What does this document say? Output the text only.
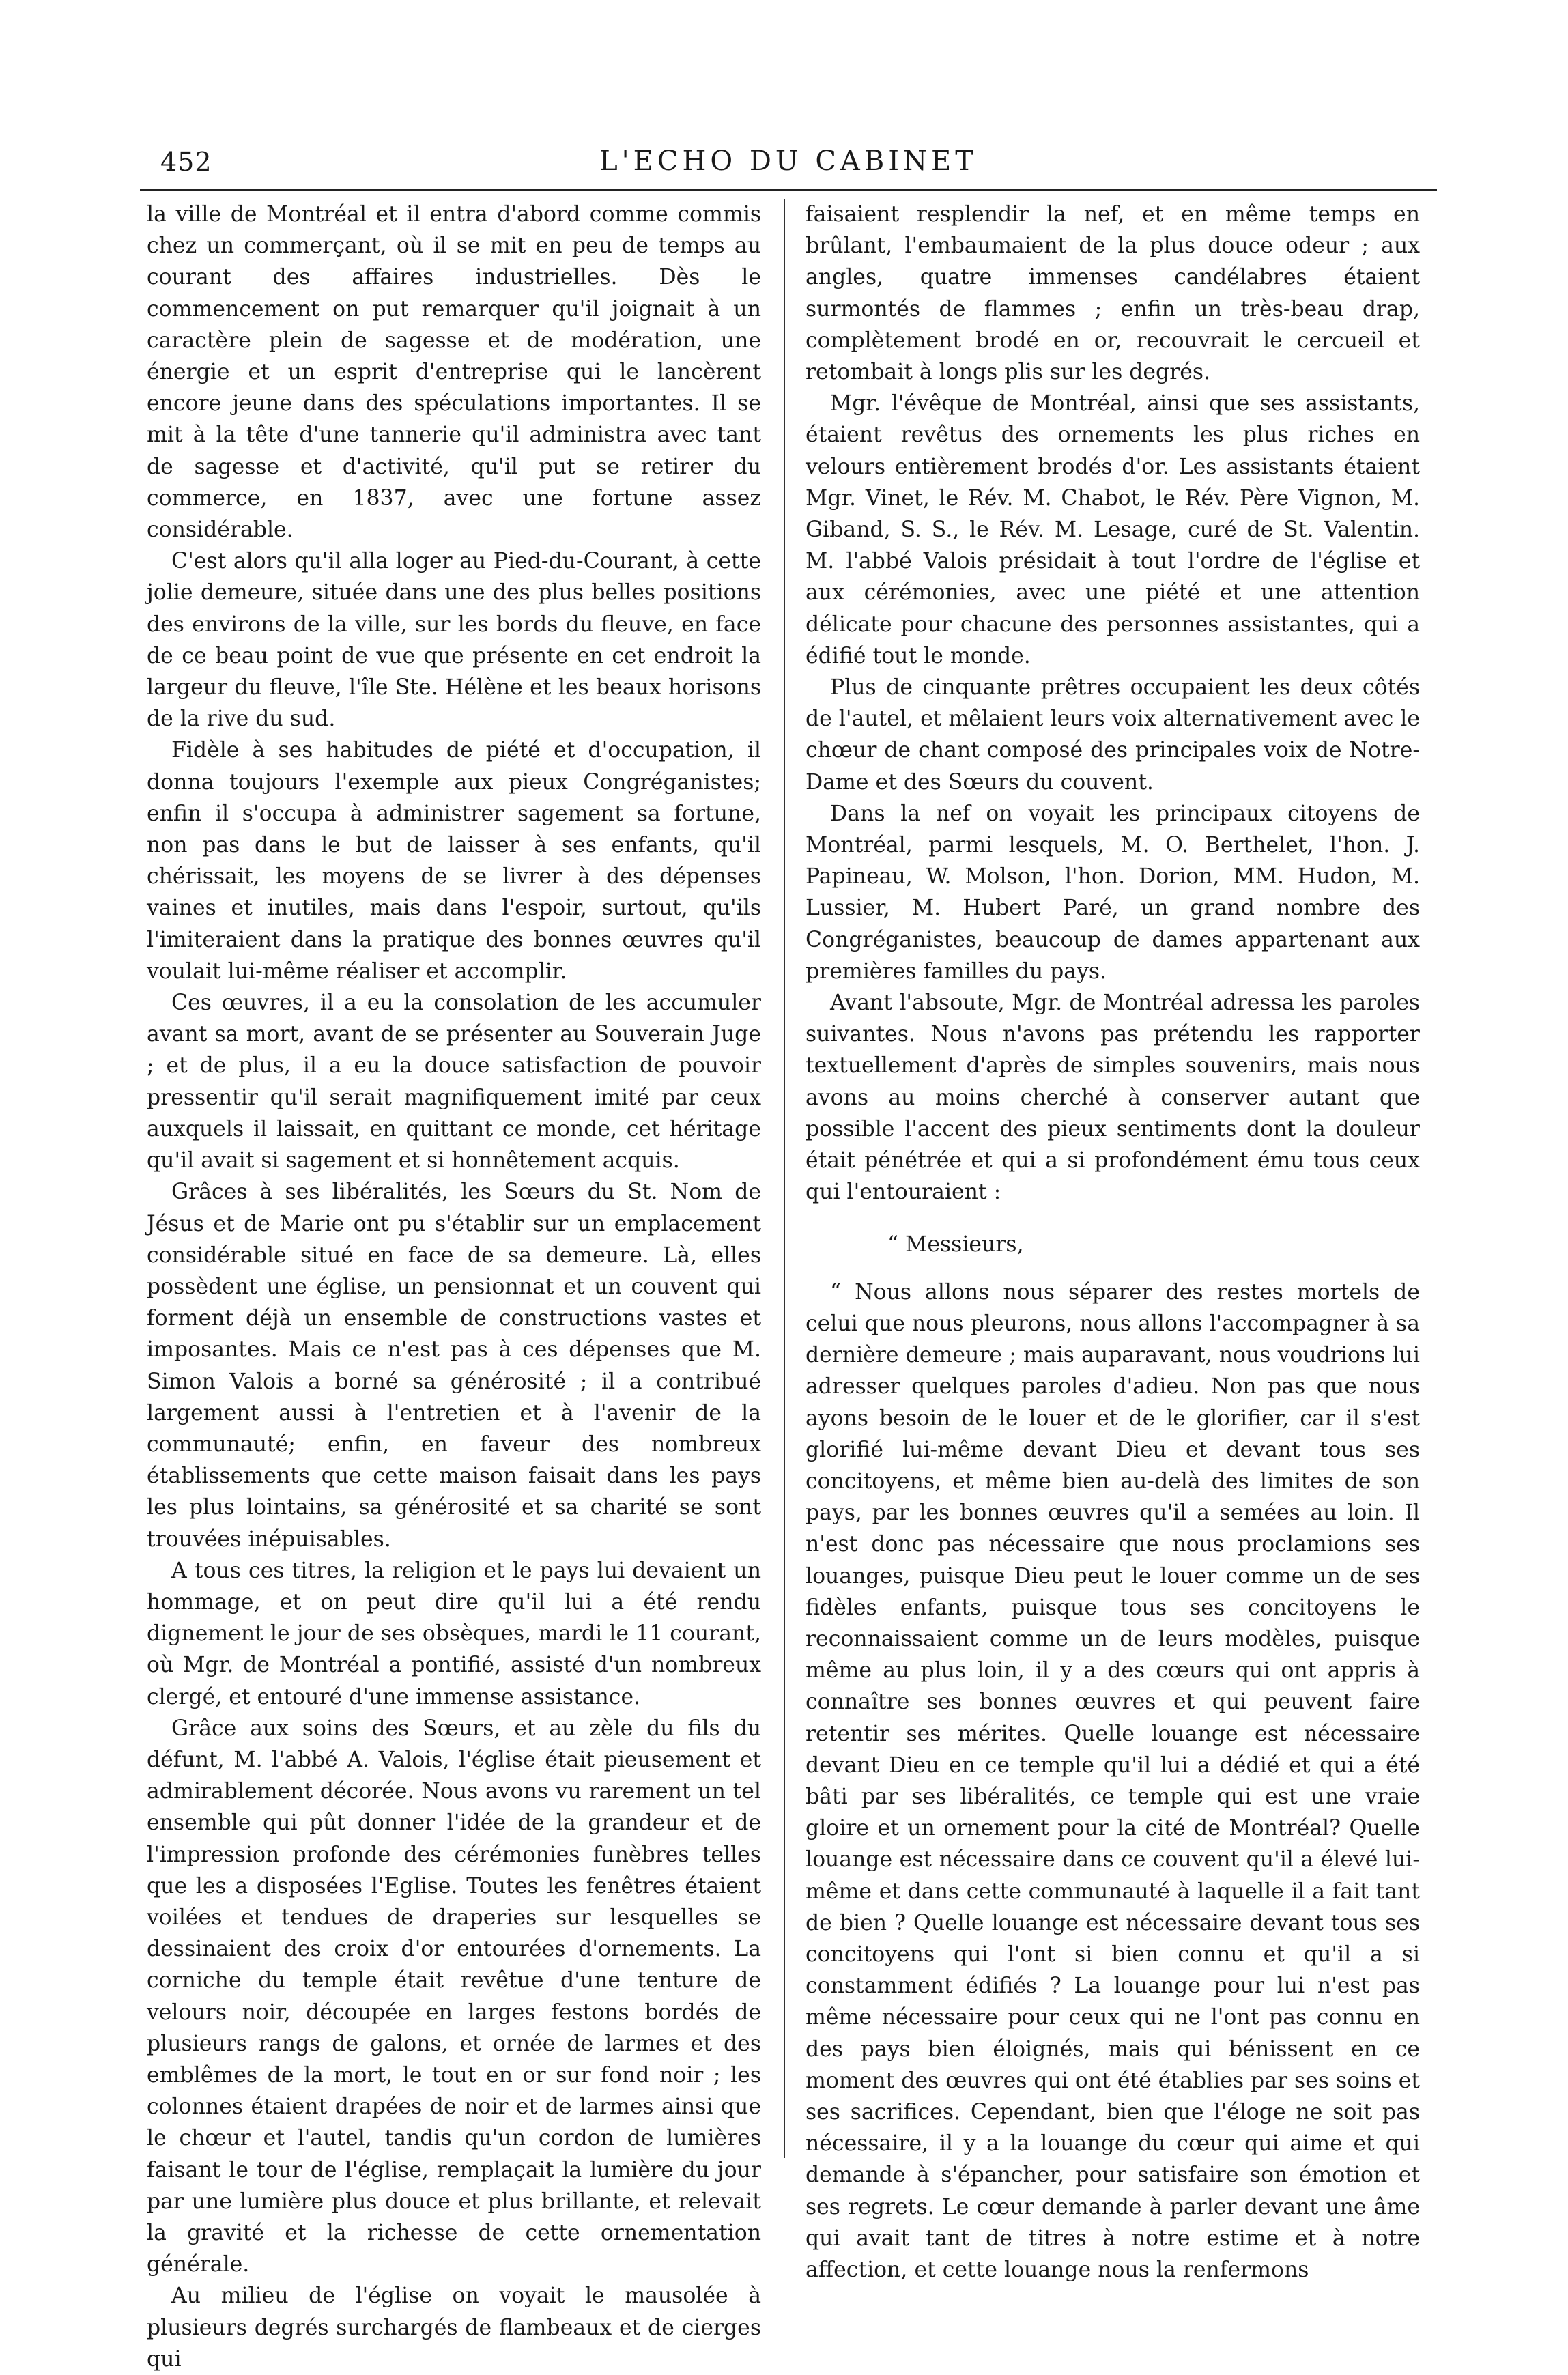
452	L'ECHO DU CABINET

la ville de Montréal et il entra d'abord comme commis chez un commerçant, où il se mit en peu de temps au courant des affaires industrielles. Dès le commencement on put remarquer qu'il joignait à un caractère plein de sagesse et de modération, une énergie et un esprit d'entreprise qui le lancèrent encore jeune dans des spéculations importantes. Il se mit à la tête d'une tannerie qu'il administra avec tant de sagesse et d'activité, qu'il put se retirer du commerce, en 1837, avec une fortune assez considérable.

C'est alors qu'il alla loger au Pied-du-Courant, à cette jolie demeure, située dans une des plus belles positions des environs de la ville, sur les bords du fleuve, en face de ce beau point de vue que présente en cet endroit la largeur du fleuve, l'île Ste. Hélène et les beaux horisons de la rive du sud.

Fidèle à ses habitudes de piété et d'occupation, il donna toujours l'exemple aux pieux Congréganistes; enfin il s'occupa à administrer sagement sa fortune, non pas dans le but de laisser à ses enfants, qu'il chérissait, les moyens de se livrer à des dépenses vaines et inutiles, mais dans l'espoir, surtout, qu'ils l'imiteraient dans la pratique des bonnes œuvres qu'il voulait lui-même réaliser et accomplir.

Ces œuvres, il a eu la consolation de les accumuler avant sa mort, avant de se présenter au Souverain Juge ; et de plus, il a eu la douce satisfaction de pouvoir pressentir qu'il serait magnifiquement imité par ceux auxquels il laissait, en quittant ce monde, cet héritage qu'il avait si sagement et si honnêtement acquis.

Grâces à ses libéralités, les Sœurs du St. Nom de Jésus et de Marie ont pu s'établir sur un emplacement considérable situé en face de sa demeure. Là, elles possèdent une église, un pensionnat et un couvent qui forment déjà un ensemble de constructions vastes et imposantes. Mais ce n'est pas à ces dépenses que M. Simon Valois a borné sa générosité ; il a contribué largement aussi à l'entretien et à l'avenir de la communauté; enfin, en faveur des nombreux établissements que cette maison faisait dans les pays les plus lointains, sa générosité et sa charité se sont trouvées inépuisables.

A tous ces titres, la religion et le pays lui devaient un hommage, et on peut dire qu'il lui a été rendu dignement le jour de ses obsèques, mardi le 11 courant, où Mgr. de Montréal a pontifié, assisté d'un nombreux clergé, et entouré d'une immense assistance.

Grâce aux soins des Sœurs, et au zèle du fils du défunt, M. l'abbé A. Valois, l'église était pieusement et admirablement décorée. Nous avons vu rarement un tel ensemble qui pût donner l'idée de la grandeur et de l'impression profonde des cérémonies funèbres telles que les a disposées l'Eglise. Toutes les fenêtres étaient voilées et tendues de draperies sur lesquelles se dessinaient des croix d'or entourées d'ornements. La corniche du temple était revêtue d'une tenture de velours noir, découpée en larges festons bordés de plusieurs rangs de galons, et ornée de larmes et des emblêmes de la mort, le tout en or sur fond noir ; les colonnes étaient drapées de noir et de larmes ainsi que le chœur et l'autel, tandis qu'un cordon de lumières faisant le tour de l'église, remplaçait la lumière du jour par une lumière plus douce et plus brillante, et relevait la gravité et la richesse de cette ornementation générale.

Au milieu de l'église on voyait le mausolée à plusieurs degrés surchargés de flambeaux et de cierges qui

faisaient resplendir la nef, et en même temps en brûlant, l'embaumaient de la plus douce odeur ; aux angles, quatre immenses candélabres étaient surmontés de flammes ; enfin un très-beau drap, complètement brodé en or, recouvrait le cercueil et retombait à longs plis sur les degrés.

Mgr. l'évêque de Montréal, ainsi que ses assistants, étaient revêtus des ornements les plus riches en velours entièrement brodés d'or. Les assistants étaient Mgr. Vinet, le Rév. M. Chabot, le Rév. Père Vignon, M. Giband, S. S., le Rév. M. Lesage, curé de St. Valentin. M. l'abbé Valois présidait à tout l'ordre de l'église et aux cérémonies, avec une piété et une attention délicate pour chacune des personnes assistantes, qui a édifié tout le monde.

Plus de cinquante prêtres occupaient les deux côtés de l'autel, et mêlaient leurs voix alternativement avec le chœur de chant composé des principales voix de Notre-Dame et des Sœurs du couvent.

Dans la nef on voyait les principaux citoyens de Montréal, parmi lesquels, M. O. Berthelet, l'hon. J. Papineau, W. Molson, l'hon. Dorion, MM. Hudon, M. Lussier, M. Hubert Paré, un grand nombre des Congréganistes, beaucoup de dames appartenant aux premières familles du pays.

Avant l'absoute, Mgr. de Montréal adressa les paroles suivantes. Nous n'avons pas prétendu les rapporter textuellement d'après de simples souvenirs, mais nous avons au moins cherché à conserver autant que possible l'accent des pieux sentiments dont la douleur était pénétrée et qui a si profondément ému tous ceux qui l'entouraient :

“ Messieurs,

“ Nous allons nous séparer des restes mortels de celui que nous pleurons, nous allons l'accompagner à sa dernière demeure ; mais auparavant, nous voudrions lui adresser quelques paroles d'adieu. Non pas que nous ayons besoin de le louer et de le glorifier, car il s'est glorifié lui-même devant Dieu et devant tous ses concitoyens, et même bien au-delà des limites de son pays, par les bonnes œuvres qu'il a semées au loin. Il n'est donc pas nécessaire que nous proclamions ses louanges, puisque Dieu peut le louer comme un de ses fidèles enfants, puisque tous ses concitoyens le reconnaissaient comme un de leurs modèles, puisque même au plus loin, il y a des cœurs qui ont appris à connaître ses bonnes œuvres et qui peuvent faire retentir ses mérites. Quelle louange est nécessaire devant Dieu en ce temple qu'il lui a dédié et qui a été bâti par ses libéralités, ce temple qui est une vraie gloire et un ornement pour la cité de Montréal? Quelle louange est nécessaire dans ce couvent qu'il a élevé lui-même et dans cette communauté à laquelle il a fait tant de bien ? Quelle louange est nécessaire devant tous ses concitoyens qui l'ont si bien connu et qu'il a si constamment édifiés ? La louange pour lui n'est pas même nécessaire pour ceux qui ne l'ont pas connu en des pays bien éloignés, mais qui bénissent en ce moment des œuvres qui ont été établies par ses soins et ses sacrifices. Cependant, bien que l'éloge ne soit pas nécessaire, il y a la louange du cœur qui aime et qui demande à s'épancher, pour satisfaire son émotion et ses regrets. Le cœur demande à parler devant une âme qui avait tant de titres à notre estime et à notre affection, et cette louange nous la renfermons
